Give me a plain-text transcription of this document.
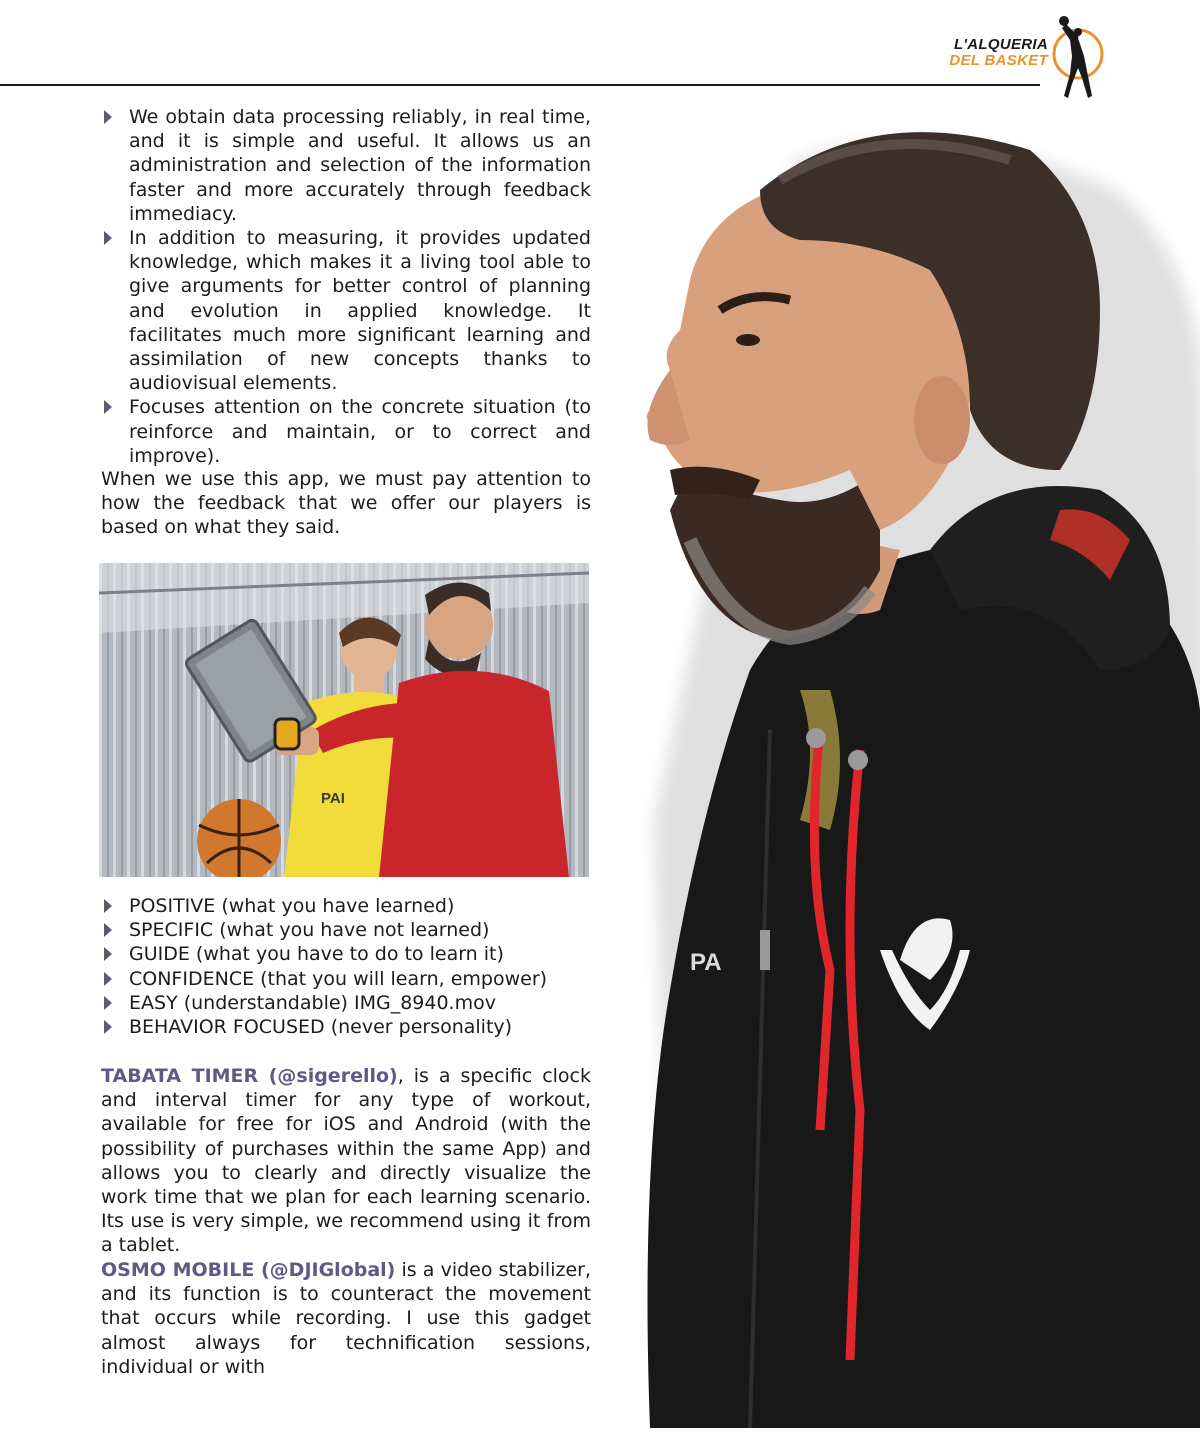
L'ALQUERIA
DEL BASKET
We obtain data processing reliably, in real time, and it is simple and useful. It allows us an administration and selection of the information faster and more accurately through feedback immediacy.
In addition to measuring, it provides updated knowledge, which makes it a living tool able to give arguments for better control of planning and evolution in applied knowledge. It facilitates much more significant learning and assimilation of new concepts thanks to audiovisual elements.
Focuses attention on the concrete situation (to reinforce and maintain, or to correct and improve).

When we use this app, we must pay attention to how the feedback that we offer our players is based on what they said.

PAI
POSITIVE (what you have learned)
SPECIFIC (what you have not learned)
GUIDE (what you have to do to learn it)
CONFIDENCE (that you will learn, empower)
EASY (understandable) IMG_8940.mov
BEHAVIOR FOCUSED (never personality)

TABATA TIMER (@sigerello), is a specific clock and interval timer for any type of workout, available for free for iOS and Android (with the possibility of purchases within the same App) and allows you to clearly and directly visualize the work time that we plan for each learning scenario. Its use is very simple, we recommend using it from a tablet.

OSMO MOBILE (@DJIGlobal) is a video stabilizer, and its function is to counteract the movement that occurs while recording. I use this gadget almost always for technification sessions, individual or with

PA
